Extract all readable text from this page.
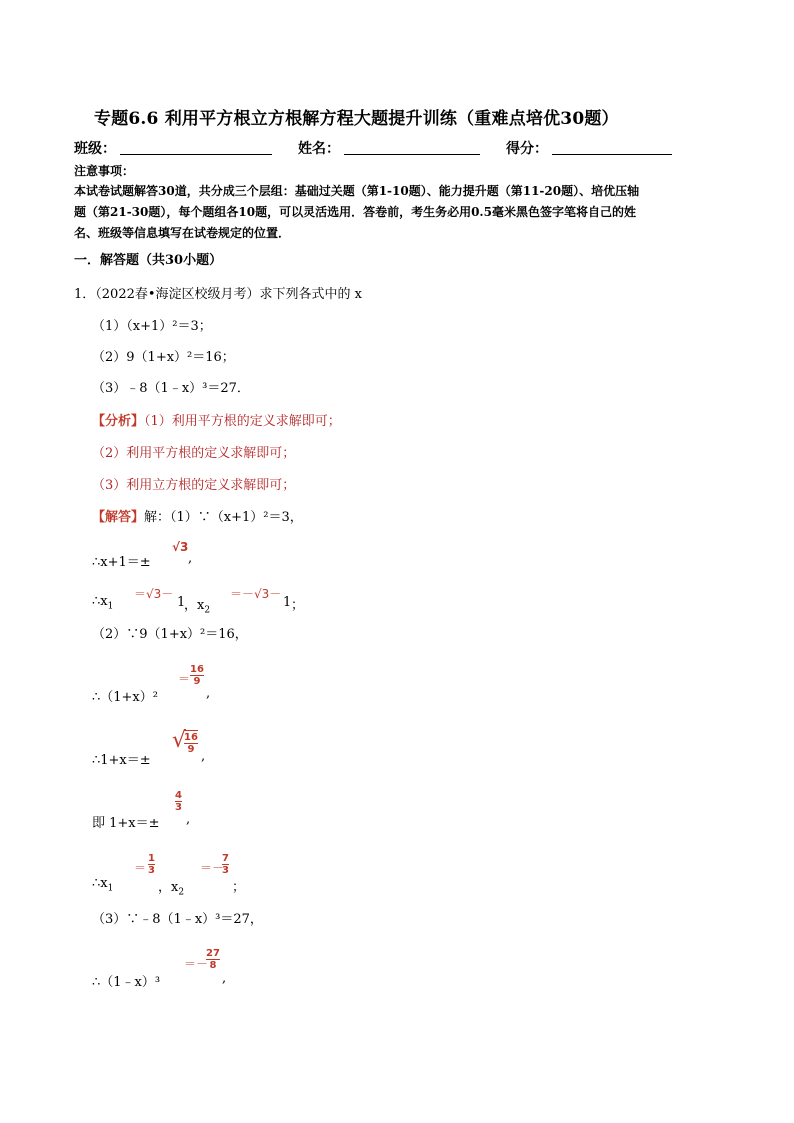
专题6.6 利用平方根立方根解方程大题提升训练（重难点培优30题）
班级：	姓名：	得分：
注意事项：
本试卷试题解答30道，共分成三个层组：基础过关题（第1-10题）、能力提升题（第11-20题）、培优压轴
题（第21-30题），每个题组各10题，可以灵活选用．答卷前，考生务必用0.5毫米黑色签字笔将自己的姓
名、班级等信息填写在试卷规定的位置．
一．解答题（共30小题）
1．（2022春•海淀区校级月考）求下列各式中的 x
（1）（x+1）²＝3；
（2）9（1+x）²＝16；
（3）﹣8（1﹣x）³＝27．
【分析】（1）利用平方根的定义求解即可；
（2）利用平方根的定义求解即可；
（3）利用立方根的定义求解即可；
【解答】解：（1）∵（x+1）²＝3，
∴x+1＝±
√3
,
$\therefore x_1$
＝√3－
1
，$x_2$
＝－√3－
1 ；
（2）∵9（1+x）²＝16，
∴（1+x）²
＝
16
9
,
∴1+x＝±
√
16
9 ,
即 1+x＝±
4
3
,
$\therefore x_1$
＝
1
3
，$x_2$
＝－
7
3
；
（3）∵﹣8（1﹣x）³＝27，
∴（1﹣x）³
＝－
27
8
,
